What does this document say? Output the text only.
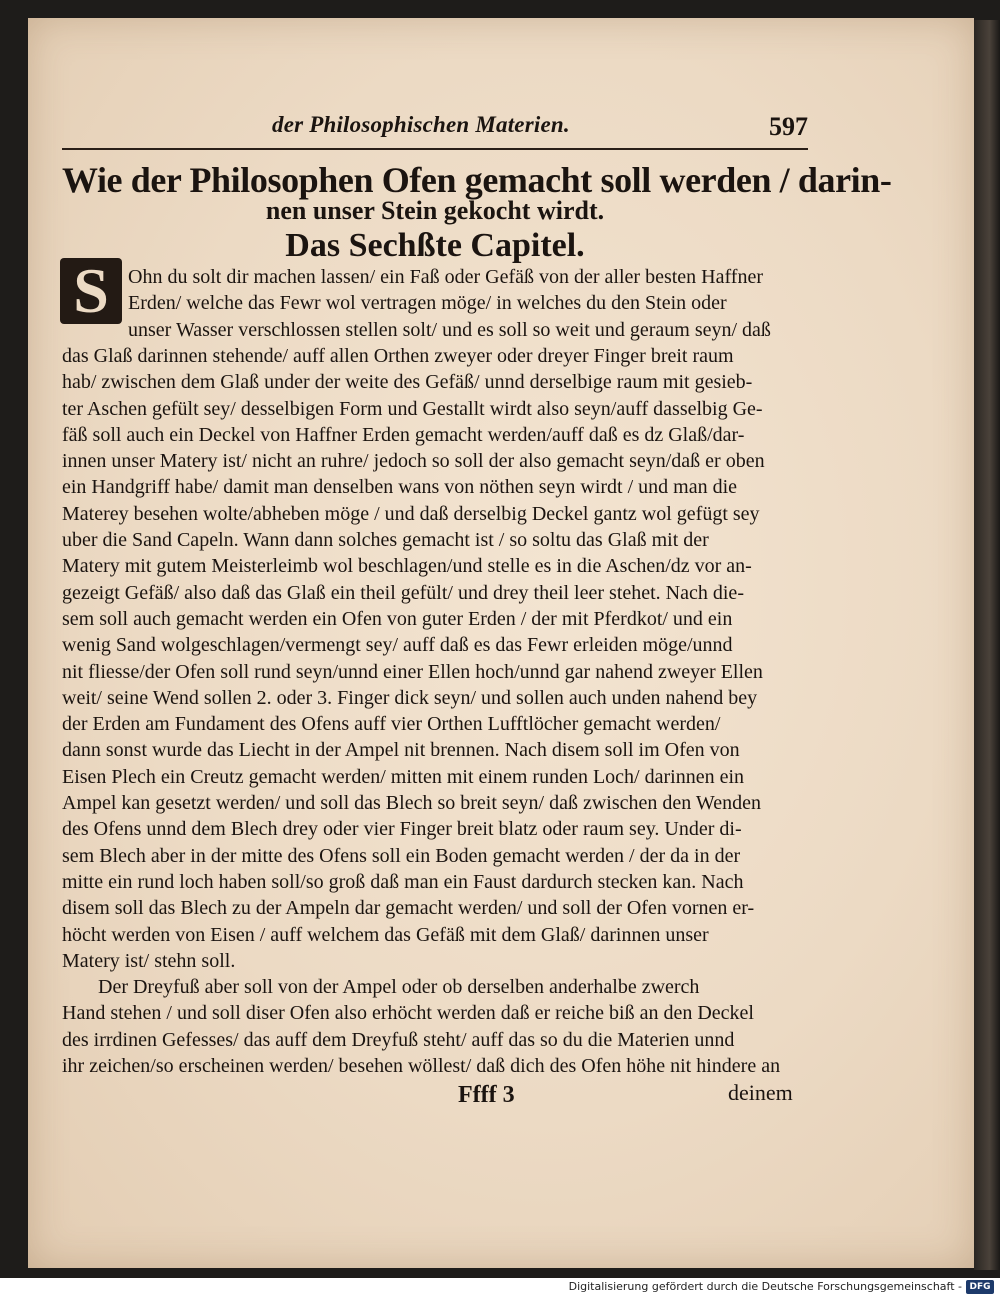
der Philosophischen Materien.	597
Wie der Philosophen Ofen gemacht soll werden / darin-
nen unser Stein gekocht wirdt.
Das Sechßte Capitel.
S Ohn du solt dir machen lassen/ ein Faß oder Gefäß von der aller besten Haffner
Erden/ welche das Fewr wol vertragen möge/ in welches du den Stein oder
unser Wasser verschlossen stellen solt/ und es soll so weit und geraum seyn/ daß
das Glaß darinnen stehende/ auff allen Orthen zweyer oder dreyer Finger breit raum
hab/ zwischen dem Glaß under der weite des Gefäß/ unnd derselbige raum mit gesieb-
ter Aschen gefült sey/ desselbigen Form und Gestallt wirdt also seyn/auff dasselbig Ge-
fäß soll auch ein Deckel von Haffner Erden gemacht werden/auff daß es dz Glaß/dar-
innen unser Matery ist/ nicht an ruhre/ jedoch so soll der also gemacht seyn/daß er oben
ein Handgriff habe/ damit man denselben wans von nöthen seyn wirdt / und man die
Materey besehen wolte/abheben möge / und daß derselbig Deckel gantz wol gefügt sey
uber die Sand Capeln. Wann dann solches gemacht ist / so soltu das Glaß mit der
Matery mit gutem Meisterleimb wol beschlagen/und stelle es in die Aschen/dz vor an-
gezeigt Gefäß/ also daß das Glaß ein theil gefült/ und drey theil leer stehet. Nach die-
sem soll auch gemacht werden ein Ofen von guter Erden / der mit Pferdkot/ und ein
wenig Sand wolgeschlagen/vermengt sey/ auff daß es das Fewr erleiden möge/unnd
nit fliesse/der Ofen soll rund seyn/unnd einer Ellen hoch/unnd gar nahend zweyer Ellen
weit/ seine Wend sollen 2. oder 3. Finger dick seyn/ und sollen auch unden nahend bey
der Erden am Fundament des Ofens auff vier Orthen Lufftlöcher gemacht werden/
dann sonst wurde das Liecht in der Ampel nit brennen. Nach disem soll im Ofen von
Eisen Plech ein Creutz gemacht werden/ mitten mit einem runden Loch/ darinnen ein
Ampel kan gesetzt werden/ und soll das Blech so breit seyn/ daß zwischen den Wenden
des Ofens unnd dem Blech drey oder vier Finger breit blatz oder raum sey. Under di-
sem Blech aber in der mitte des Ofens soll ein Boden gemacht werden / der da in der
mitte ein rund loch haben soll/so groß daß man ein Faust dardurch stecken kan. Nach
disem soll das Blech zu der Ampeln dar gemacht werden/ und soll der Ofen vornen er-
höcht werden von Eisen / auff welchem das Gefäß mit dem Glaß/ darinnen unser
Matery ist/ stehn soll.
Der Dreyfuß aber soll von der Ampel oder ob derselben anderhalbe zwerch
Hand stehen / und soll diser Ofen also erhöcht werden daß er reiche biß an den Deckel
des irrdinen Gefesses/ das auff dem Dreyfuß steht/ auff das so du die Materien unnd
ihr zeichen/so erscheinen werden/ besehen wöllest/ daß dich des Ofen höhe nit hindere an
Ffff 3	deinem
Digitalisierung gefördert durch die Deutsche Forschungsgemeinschaft - DFG
